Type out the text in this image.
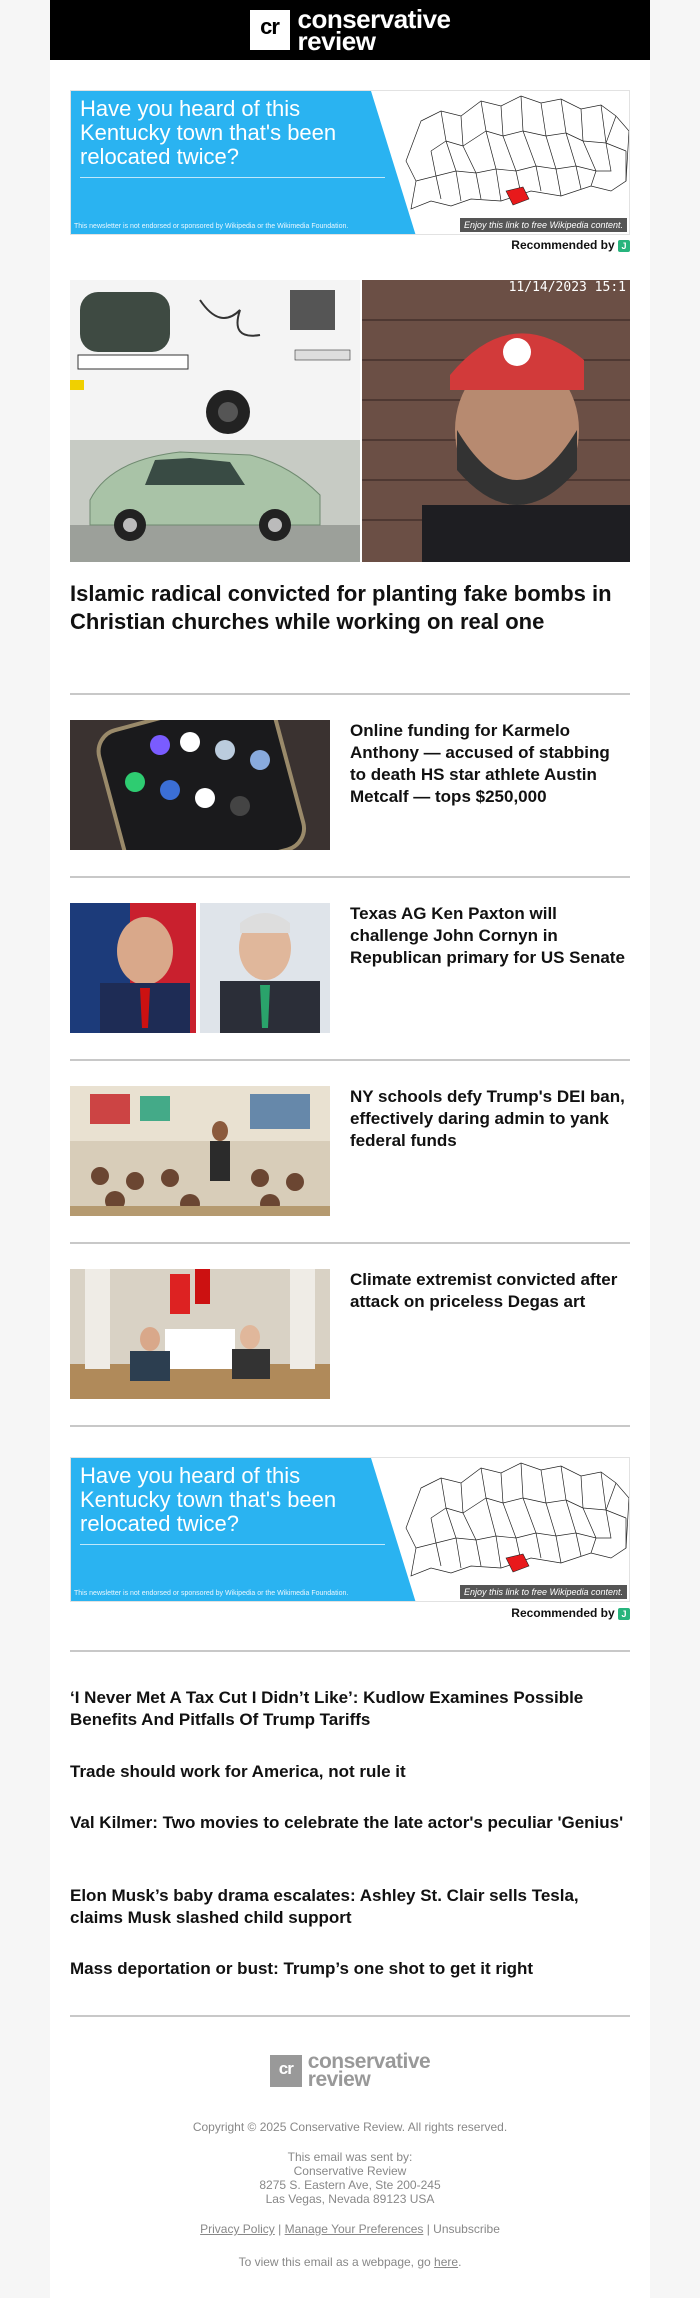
cr conservative
review
Have you heard of this Kentucky town that's been relocated twice?
This newsletter is not endorsed or sponsored by Wikipedia or the Wikimedia Foundation.	Enjoy this link to free Wikipedia content.
Recommended by J
11/14/2023 15:1
Islamic radical convicted for planting fake bombs in Christian churches while working on real one
Online funding for Karmelo Anthony — accused of stabbing to death HS star athlete Austin Metcalf — tops $250,000
Texas AG Ken Paxton will challenge John Cornyn in Republican primary for US Senate
NY schools defy Trump's DEI ban, effectively daring admin to yank federal funds
Climate extremist convicted after attack on priceless Degas art
Have you heard of this Kentucky town that's been relocated twice?
This newsletter is not endorsed or sponsored by Wikipedia or the Wikimedia Foundation.	Enjoy this link to free Wikipedia content.
Recommended by J
‘I Never Met A Tax Cut I Didn’t Like’: Kudlow Examines Possible Benefits And Pitfalls Of Trump Tariffs
Trade should work for America, not rule it
Val Kilmer: Two movies to celebrate the late actor's peculiar 'Genius'
Elon Musk’s baby drama escalates: Ashley St. Clair sells Tesla, claims Musk slashed child support
Mass deportation or bust: Trump’s one shot to get it right
cr conservative
review
Copyright © 2025 Conservative Review. All rights reserved.
This email was sent by:
Conservative Review
8275 S. Eastern Ave, Ste 200-245
Las Vegas, Nevada 89123 USA
Privacy Policy | Manage Your Preferences | Unsubscribe
To view this email as a webpage, go here.
